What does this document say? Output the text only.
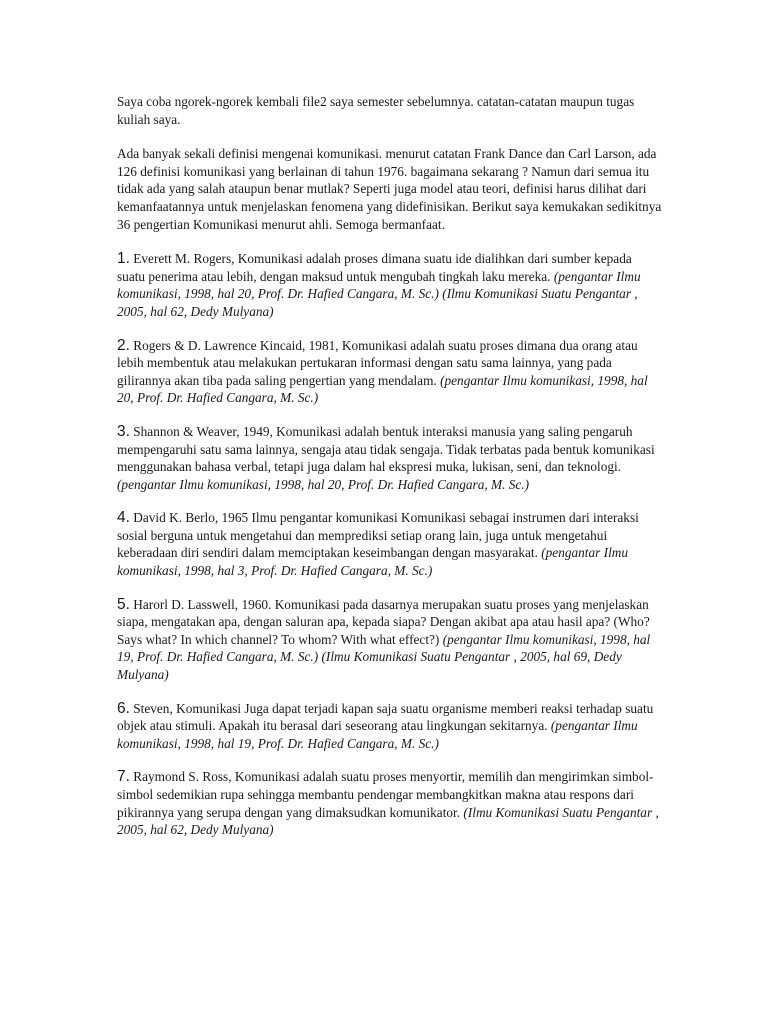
Saya coba ngorek-ngorek kembali file2 saya semester sebelumnya. catatan-catatan maupun tugas kuliah saya.

Ada banyak sekali definisi mengenai komunikasi. menurut catatan Frank Dance dan Carl Larson, ada 126 definisi komunikasi yang berlainan di tahun 1976. bagaimana sekarang ? Namun dari semua itu tidak ada yang salah ataupun benar mutlak? Seperti juga model atau teori, definisi harus dilihat dari kemanfaatannya untuk menjelaskan fenomena yang didefinisikan. Berikut saya kemukakan sedikitnya 36 pengertian Komunikasi menurut ahli. Semoga bermanfaat.

1. Everett M. Rogers, Komunikasi adalah proses dimana suatu ide dialihkan dari sumber kepada suatu penerima atau lebih, dengan maksud untuk mengubah tingkah laku mereka. (pengantar Ilmu komunikasi, 1998, hal 20, Prof. Dr. Hafied Cangara, M. Sc.) (Ilmu Komunikasi Suatu Pengantar , 2005, hal 62, Dedy Mulyana)

2. Rogers & D. Lawrence Kincaid, 1981, Komunikasi adalah suatu proses dimana dua orang atau lebih membentuk atau melakukan pertukaran informasi dengan satu sama lainnya, yang pada gilirannya akan tiba pada saling pengertian yang mendalam. (pengantar Ilmu komunikasi, 1998, hal 20, Prof. Dr. Hafied Cangara, M. Sc.)

3. Shannon & Weaver, 1949, Komunikasi adalah bentuk interaksi manusia yang saling pengaruh mempengaruhi satu sama lainnya, sengaja atau tidak sengaja. Tidak terbatas pada bentuk komunikasi menggunakan bahasa verbal, tetapi juga dalam hal ekspresi muka, lukisan, seni, dan teknologi. (pengantar Ilmu komunikasi, 1998, hal 20, Prof. Dr. Hafied Cangara, M. Sc.)

4. David K. Berlo, 1965 Ilmu pengantar komunikasi Komunikasi sebagai instrumen dari interaksi sosial berguna untuk mengetahui dan memprediksi setiap orang lain, juga untuk mengetahui keberadaan diri sendiri dalam memciptakan keseimbangan dengan masyarakat. (pengantar Ilmu komunikasi, 1998, hal 3, Prof. Dr. Hafied Cangara, M. Sc.)

5. Harorl D. Lasswell, 1960. Komunikasi pada dasarnya merupakan suatu proses yang menjelaskan siapa, mengatakan apa, dengan saluran apa, kepada siapa? Dengan akibat apa atau hasil apa? (Who? Says what? In which channel? To whom? With what effect?) (pengantar Ilmu komunikasi, 1998, hal 19, Prof. Dr. Hafied Cangara, M. Sc.) (Ilmu Komunikasi Suatu Pengantar , 2005, hal 69, Dedy Mulyana)

6. Steven, Komunikasi Juga dapat terjadi kapan saja suatu organisme memberi reaksi terhadap suatu objek atau stimuli. Apakah itu berasal dari seseorang atau lingkungan sekitarnya. (pengantar Ilmu komunikasi, 1998, hal 19, Prof. Dr. Hafied Cangara, M. Sc.)

7. Raymond S. Ross, Komunikasi adalah suatu proses menyortir, memilih dan mengirimkan simbol-simbol sedemikian rupa sehingga membantu pendengar membangkitkan makna atau respons dari pikirannya yang serupa dengan yang dimaksudkan komunikator. (Ilmu Komunikasi Suatu Pengantar , 2005, hal 62, Dedy Mulyana)
